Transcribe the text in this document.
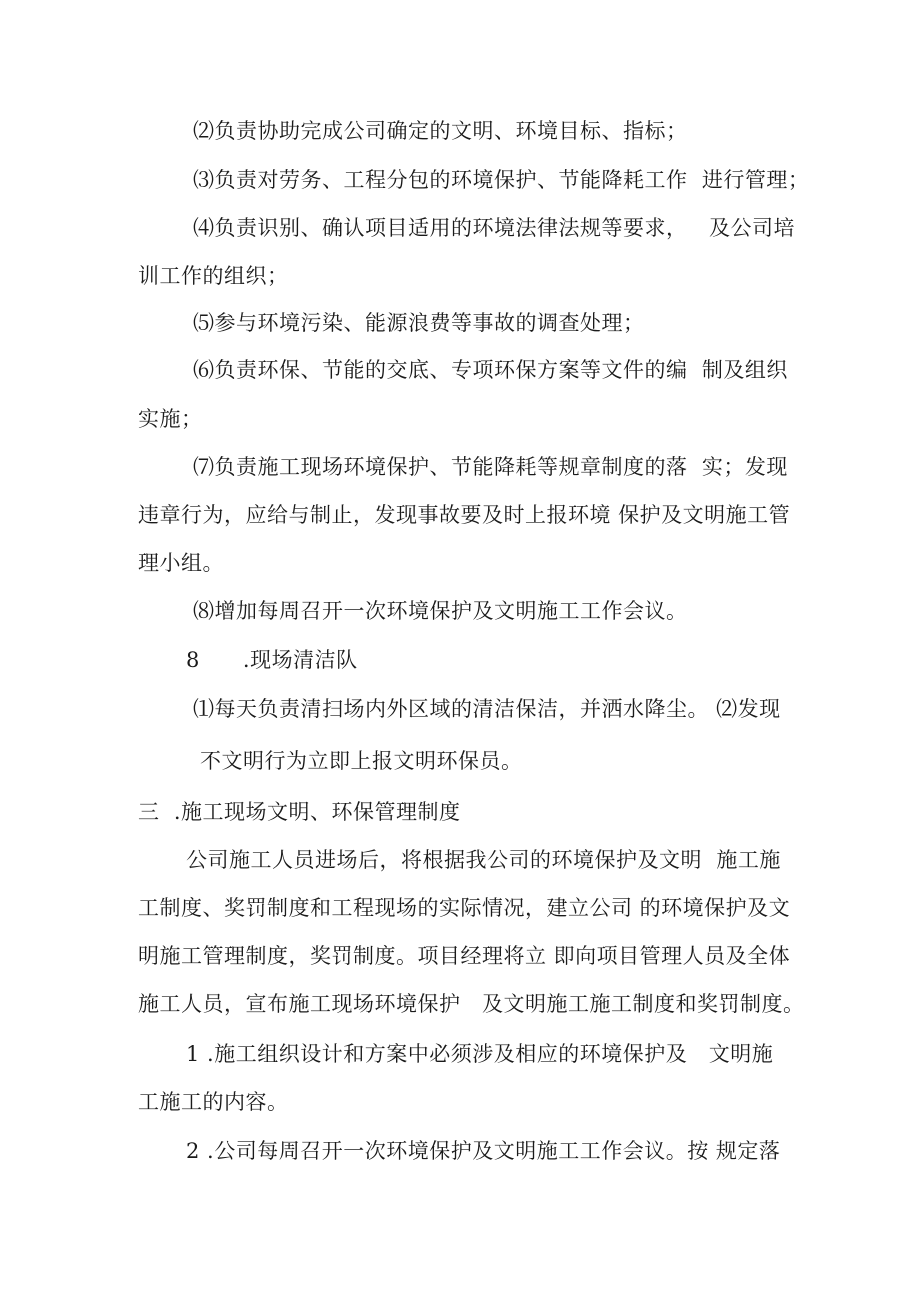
⑵负责协助完成公司确定的文明、环境目标、指标；
⑶负责对劳务、工程分包的环境保护、节能降耗工作  进行管理；
⑷负责识别、确认项目适用的环境法律法规等要求，   及公司培
训工作的组织；
⑸参与环境污染、能源浪费等事故的调查处理；
⑹负责环保、节能的交底、专项环保方案等文件的编  制及组织
实施；
⑺负责施工现场环境保护、节能降耗等规章制度的落  实；发现
违章行为，应给与制止，发现事故要及时上报环境 保护及文明施工管
理小组。
⑻增加每周召开一次环境保护及文明施工工作会议。
8      .现场清洁队
⑴每天负责清扫场内外区域的清洁保洁，并洒水降尘。 ⑵发现
不文明行为立即上报文明环保员。
三  .施工现场文明、环保管理制度
公司施工人员进场后，将根据我公司的环境保护及文明  施工施
工制度、奖罚制度和工程现场的实际情况，建立公司 的环境保护及文
明施工管理制度，奖罚制度。项目经理将立 即向项目管理人员及全体
施工人员，宣布施工现场环境保护   及文明施工施工制度和奖罚制度。
1 .施工组织设计和方案中必须涉及相应的环境保护及   文明施
工施工的内容。
2 .公司每周召开一次环境保护及文明施工工作会议。按 规定落
